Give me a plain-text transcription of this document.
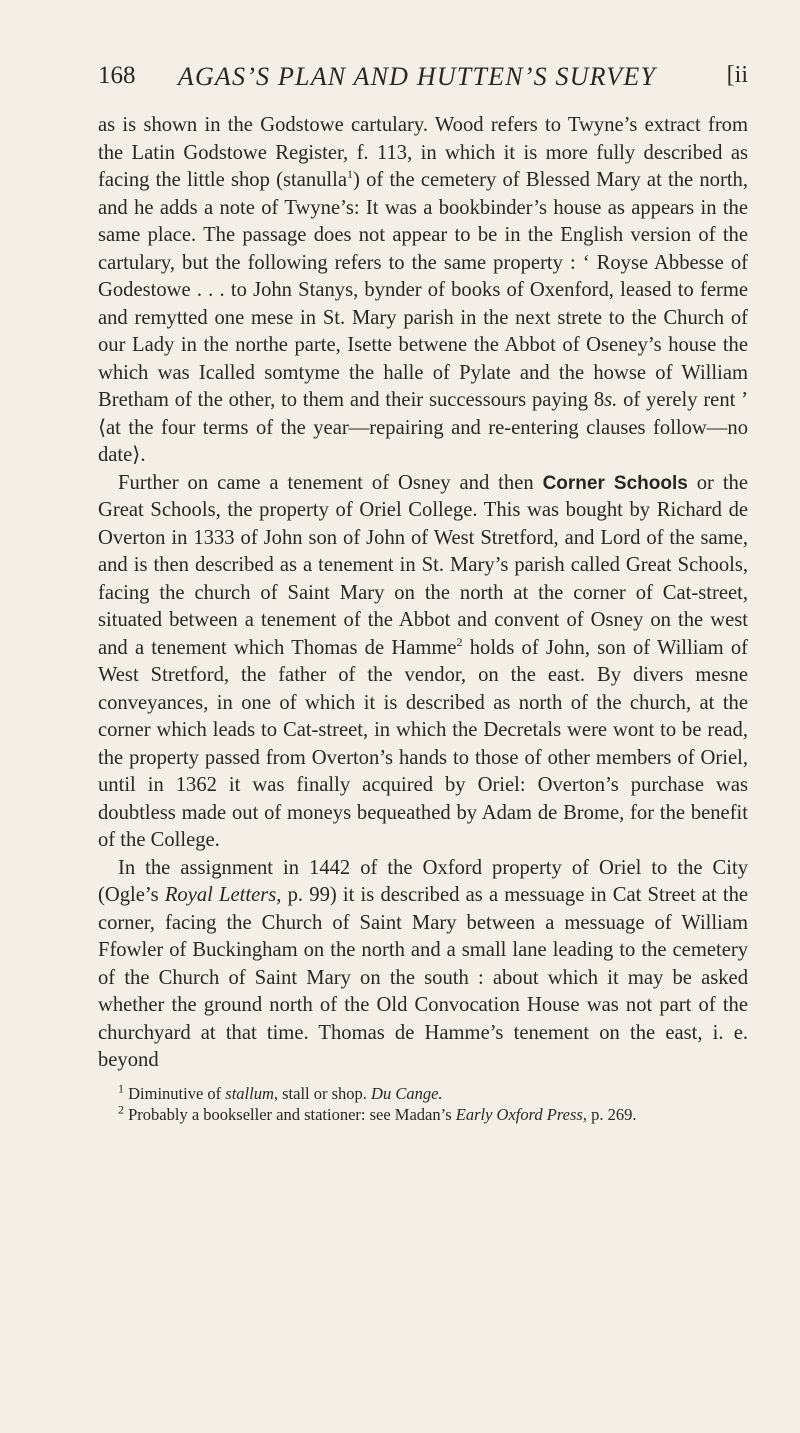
168	AGAS’S PLAN AND HUTTEN’S SURVEY	[ii

as is shown in the Godstowe cartulary. Wood refers to Twyne’s extract from the Latin Godstowe Register, f. 113, in which it is more fully described as facing the little shop (stanulla$^1$) of the cemetery of Blessed Mary at the north, and he adds a note of Twyne’s: It was a bookbinder’s house as appears in the same place. The passage does not appear to be in the English version of the cartulary, but the following refers to the same property : ‘ Royse Abbesse of Godestowe . . . to John Stanys, bynder of books of Oxenford, leased to ferme and remytted one mese in St. Mary parish in the next strete to the Church of our Lady in the northe parte, Isette betwene the Abbot of Oseney’s house the which was Icalled somtyme the halle of Pylate and the howse of William Bretham of the other, to them and their successours paying 8s. of yerely rent ’ ⟨at the four terms of the year—repairing and re-entering clauses follow—no date⟩.

Further on came a tenement of Osney and then Corner Schools or the Great Schools, the property of Oriel College. This was bought by Richard de Overton in 1333 of John son of John of West Stretford, and Lord of the same, and is then described as a tenement in St. Mary’s parish called Great Schools, facing the church of Saint Mary on the north at the corner of Cat-street, situated between a tenement of the Abbot and convent of Osney on the west and a tenement which Thomas de Hamme$^2$ holds of John, son of William of West Stretford, the father of the vendor, on the east. By divers mesne conveyances, in one of which it is described as north of the church, at the corner which leads to Cat-street, in which the Decretals were wont to be read, the property passed from Overton’s hands to those of other members of Oriel, until in 1362 it was finally acquired by Oriel: Overton’s purchase was doubtless made out of moneys bequeathed by Adam de Brome, for the benefit of the College.

In the assignment in 1442 of the Oxford property of Oriel to the City (Ogle’s Royal Letters, p. 99) it is described as a messuage in Cat Street at the corner, facing the Church of Saint Mary between a messuage of William Ffowler of Buckingham on the north and a small lane leading to the cemetery of the Church of Saint Mary on the south : about which it may be asked whether the ground north of the Old Convocation House was not part of the churchyard at that time. Thomas de Hamme’s tenement on the east, i. e. beyond

$^1$ Diminutive of stallum, stall or shop. Du Cange.

$^2$ Probably a bookseller and stationer: see Madan’s Early Oxford Press, p. 269.
